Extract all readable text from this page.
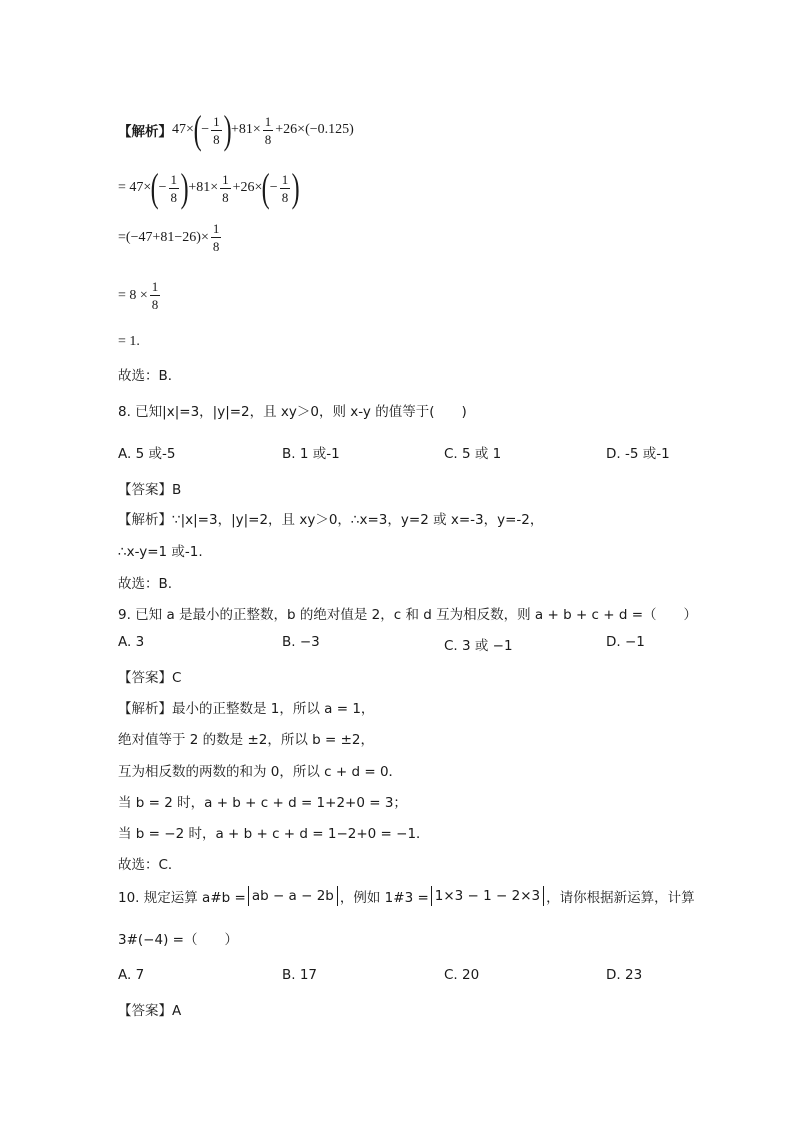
【解析】 47× ( − $\frac{1}{8}$ ) $+81\times \frac{1}{8} +26\times$ ( −0.125 )
= 47× ( − $\frac{1}{8}$ ) $+81\times \frac{1}{8} +26\times$ ( − $\frac{1}{8}$ )
= ( −47+81−26 ) × $\frac{1}{8}$
= $8 \times \frac{1}{8}$
= 1.
故选：B．
8. 已知|x|=3，|y|=2，且 xy＞0，则 x-y 的值等于(　　)
A. 5 或-5	B. 1 或-1	C. 5 或 1	D. -5 或-1
【答案】B
【解析】∵|x|=3，|y|=2，且 xy＞0，∴x=3，y=2 或 x=-3，y=-2，
∴x-y=1 或-1.
故选：B.
9. 已知 a 是最小的正整数，b 的绝对值是 2，c 和 d 互为相反数，则 a + b + c + d =（　　）
A. 3	B. −3	C. 3 或 −1	D. −1
【答案】C
【解析】最小的正整数是 1，所以 a = 1，
绝对值等于 2 的数是 ±2，所以 b = ±2，
互为相反数的两数的和为 0，所以 c + d = 0．
当 b = 2 时，a + b + c + d = 1+2+0 = 3；
当 b = −2 时，a + b + c + d = 1−2+0 = −1．
故选：C．
10. 规定运算 a#b = ab − a − 2b ，例如 1#3 = 1×3 − 1 − 2×3 ，请你根据新运算，计算
3#(−4) =（　　）
A. 7	B. 17	C. 20	D. 23
【答案】A
